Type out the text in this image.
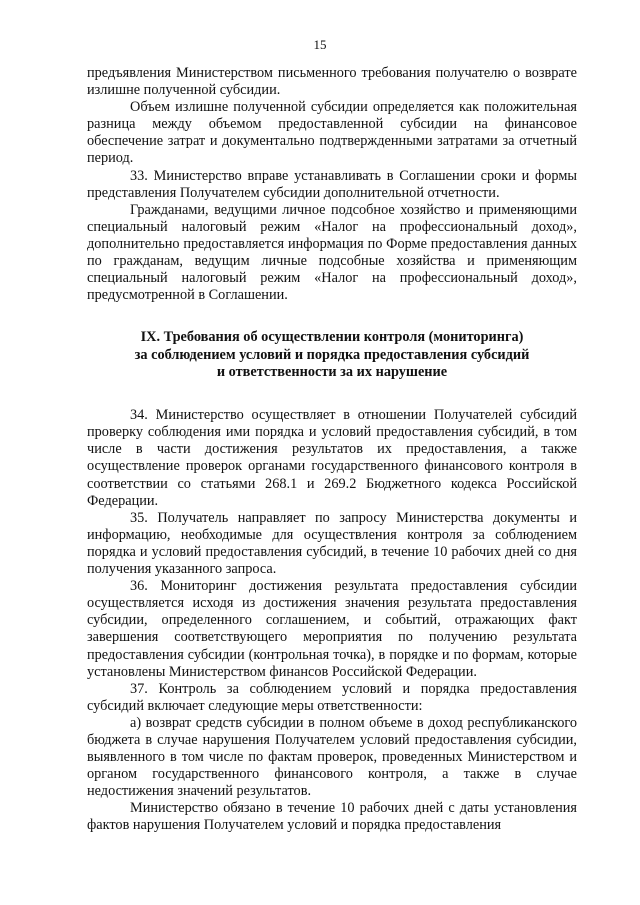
15

предъявления Министерством письменного требования получателю о возврате излишне полученной субсидии.

Объем излишне полученной субсидии определяется как положительная разница между объемом предоставленной субсидии на финансовое обеспечение затрат и документально подтвержденными затратами за отчетный период.

33. Министерство вправе устанавливать в Соглашении сроки и формы представления Получателем субсидии дополнительной отчетности.

Гражданами, ведущими личное подсобное хозяйство и применяющими специальный налоговый режим «Налог на профессиональный доход», дополнительно предоставляется информация по Форме предоставления данных по гражданам, ведущим личные подсобные хозяйства и применяющим специальный налоговый режим «Налог на профессиональный доход», предусмотренной в Соглашении.

IX. Требования об осуществлении контроля (мониторинга)
за соблюдением условий и порядка предоставления субсидий
и ответственности за их нарушение

34. Министерство осуществляет в отношении Получателей субсидий проверку соблюдения ими порядка и условий предоставления субсидий, в том числе в части достижения результатов их предоставления, а также осуществление проверок органами государственного финансового контроля в соответствии со статьями 268.1 и 269.2 Бюджетного кодекса Российской Федерации.

35. Получатель направляет по запросу Министерства документы и информацию, необходимые для осуществления контроля за соблюдением порядка и условий предоставления субсидий, в течение 10 рабочих дней со дня получения указанного запроса.

36. Мониторинг достижения результата предоставления субсидии осуществляется исходя из достижения значения результата предоставления субсидии, определенного соглашением, и событий, отражающих факт завершения соответствующего мероприятия по получению результата предоставления субсидии (контрольная точка), в порядке и по формам, которые установлены Министерством финансов Российской Федерации.

37. Контроль за соблюдением условий и порядка предоставления субсидий включает следующие меры ответственности:

а) возврат средств субсидии в полном объеме в доход республиканского бюджета в случае нарушения Получателем условий предоставления субсидии, выявленного в том числе по фактам проверок, проведенных Министерством и органом государственного финансового контроля, а также в случае недостижения значений результатов.

Министерство обязано в течение 10 рабочих дней с даты установления фактов нарушения Получателем условий и порядка предоставления
